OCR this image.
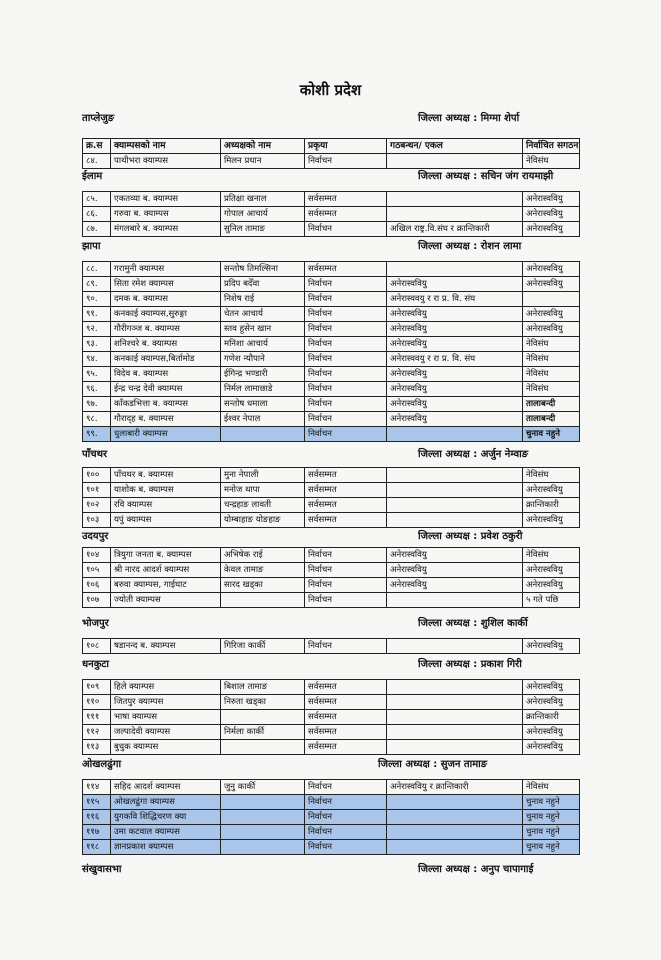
कोशी प्रदेश
ताप्लेजुङ	जिल्ला अध्यक्ष : मिग्मा शेर्पा
क्र.स	क्याम्पसको नाम	अध्यक्षको नाम	प्रकृया	गठबन्धन/ एकल	निर्वाचित सगठन
८४.	पाथीभरा क्याम्पस	मिलन प्रधान	निर्वाचन		नेविसंघ
ईलाम	जिल्ला अध्यक्ष : सचिन जंग रायमाझी
८५.	एकतव्या ब. क्याम्पस	प्रतिक्षा खनाल	सर्वसम्मत		अनेरास्ववियु
८६.	गरुवा ब. क्याम्पस	गोपाल आचार्य	सर्वसम्मत		अनेरास्ववियु
८७.	मंगलबारे ब. क्याम्पस	सुनिल तामाङ	निर्वाचन	अखिल राष्ट्र.वि.संघ र क्रान्तिकारी	अनेरास्ववियु
झापा	जिल्ला अध्यक्ष : रोशन लामा
८८.	गरामुनी क्याम्पस	सन्तोष तिमल्सिना	सर्वसम्मत		अनेरास्ववियु
८९.	सिता रमेश क्याम्पस	प्रदिप बदेँवा	निर्वाचन	अनेरास्ववियु	अनेरास्ववियु
९०.	दमक ब. क्याम्पस	निशेष राई	निर्वाचन	अनेरास्ववयु र रा प्र. वि. संघ	
९१.	कनकाई क्याम्पस,सुरुङ्गा	चेतन आचार्य	निर्वाचन	अनेरास्ववियु	अनेरास्ववियु
९२.	गौरीगञ्ज ब. क्याम्पस	स्तव हुसेन खान	निर्वाचन	अनेरास्ववियु	अनेरास्ववियु
९३.	शनिश्चरे ब. क्याम्पस	मनिशा आचार्य	निर्वाचन	अनेरास्ववियु	नेविसंघ
९४.	कनकाई क्याम्पस,बिर्तामोड	गणेश न्यौपाने	निर्वाचन	अनेरास्ववयु र रा प्र. वि. संघ	नेविसंघ
९५.	विदेव ब. क्याम्पस	ईगिन्द्र भण्डारी	निर्वाचन	अनेरास्ववियु	नेविसंघ
९६.	ईन्द्र चन्द्र देवी क्याम्पस	निर्मल लामाछाडे	निर्वाचन	अनेरास्ववियु	नेविसंघ
९७.	काँकडभित्ता ब. क्याम्पस	सन्तोष धमाला	निर्वाचन	अनेरास्ववियु	तालाबन्दी
९८.	गौराद्ह ब. क्याम्पस	ईश्वर नेपाल	निर्वाचन	अनेरास्ववियु	तालाबन्दी
९९.	धुलाबारी क्याम्पस		निर्वाचन		चुनाव नहुने
पाँचथर	जिल्ला अध्यक्ष : अर्जुन नेम्वाङ
१००	पाँचथर ब. क्याम्पस	मुना नेपाली	सर्वसम्मत		नेविसंघ
१०१	याशोक ब. क्याम्पस	मनोज थापा	सर्वसम्मत		अनेरास्ववियु
१०२	रवि क्याम्पस	चन्द्रहाङ लावती	सर्वसम्मत		क्रान्तिकारी
१०३	यपुं क्याम्पस	योम्बाहाङ योङहाङ	सर्वसम्मत		अनेरास्ववियु
उदयपुर	जिल्ला अध्यक्ष : प्रवेश ठकुरी
१०४	त्रियुगा जनता ब. क्याम्पस	अभिषेक राई	निर्वाचन	अनेरास्ववियु	नेविसंघ
१०५	श्री नारद आदर्श क्याम्पस	केवल तामाङ	निर्वाचन	अनेरास्ववियु	अनेरास्ववियु
१०६	बरुवा क्याम्पस, गाईघाट	सारद खड्का	निर्वाचन	अनेरास्ववियु	अनेरास्ववियु
१०७	ज्योती क्याम्पस		निर्वाचन		५ गते पछि
भोजपुर	जिल्ला अध्यक्ष : शुशिल कार्की
१०८	षडानन्द ब. क्याम्पस	गिरिजा कार्की	निर्वाचन		अनेरास्ववियु
धनकुटा	जिल्ला अध्यक्ष : प्रकाश गिरी
१०९	हिले क्याम्पस	बिशाल तामाङ	सर्वसम्मत		अनेरास्ववियु
११०	जितपुर क्याम्पस	निरुता खड्का	सर्वसम्मत		अनेरास्ववियु
१११	भाषा क्याम्पस		सर्वसम्मत		क्रान्तिकारी
११२	जल्पादेवी क्याम्पस	निर्मला कार्की	सर्वसम्मत		अनेरास्ववियु
११३	बुधुक क्याम्पस		सर्वसम्मत		अनेरास्ववियु
ओखलढुंगा	जिल्ला अध्यक्ष : सुजन तामाङ
११४	सहिद आदर्श क्याम्पस	जुनु कार्की	निर्वाचन	अनेरास्ववियु र क्रान्तिकारी	नेविसंघ
११५	ओखलढुंगा क्याम्पस		निर्वाचन		चुनाव नहुने
११६	युगकवि शिद्धिचरण क्या		निर्वाचन		चुनाव नहुने
११७	उमा कटवाल क्याम्पस		निर्वाचन		चुनाव नहुने
११८	ज्ञानप्रकाश क्याम्पस		निर्वाचन		चुनाव नहुने
संखुवासभा	जिल्ला अध्यक्ष : अनुप चापागाई
